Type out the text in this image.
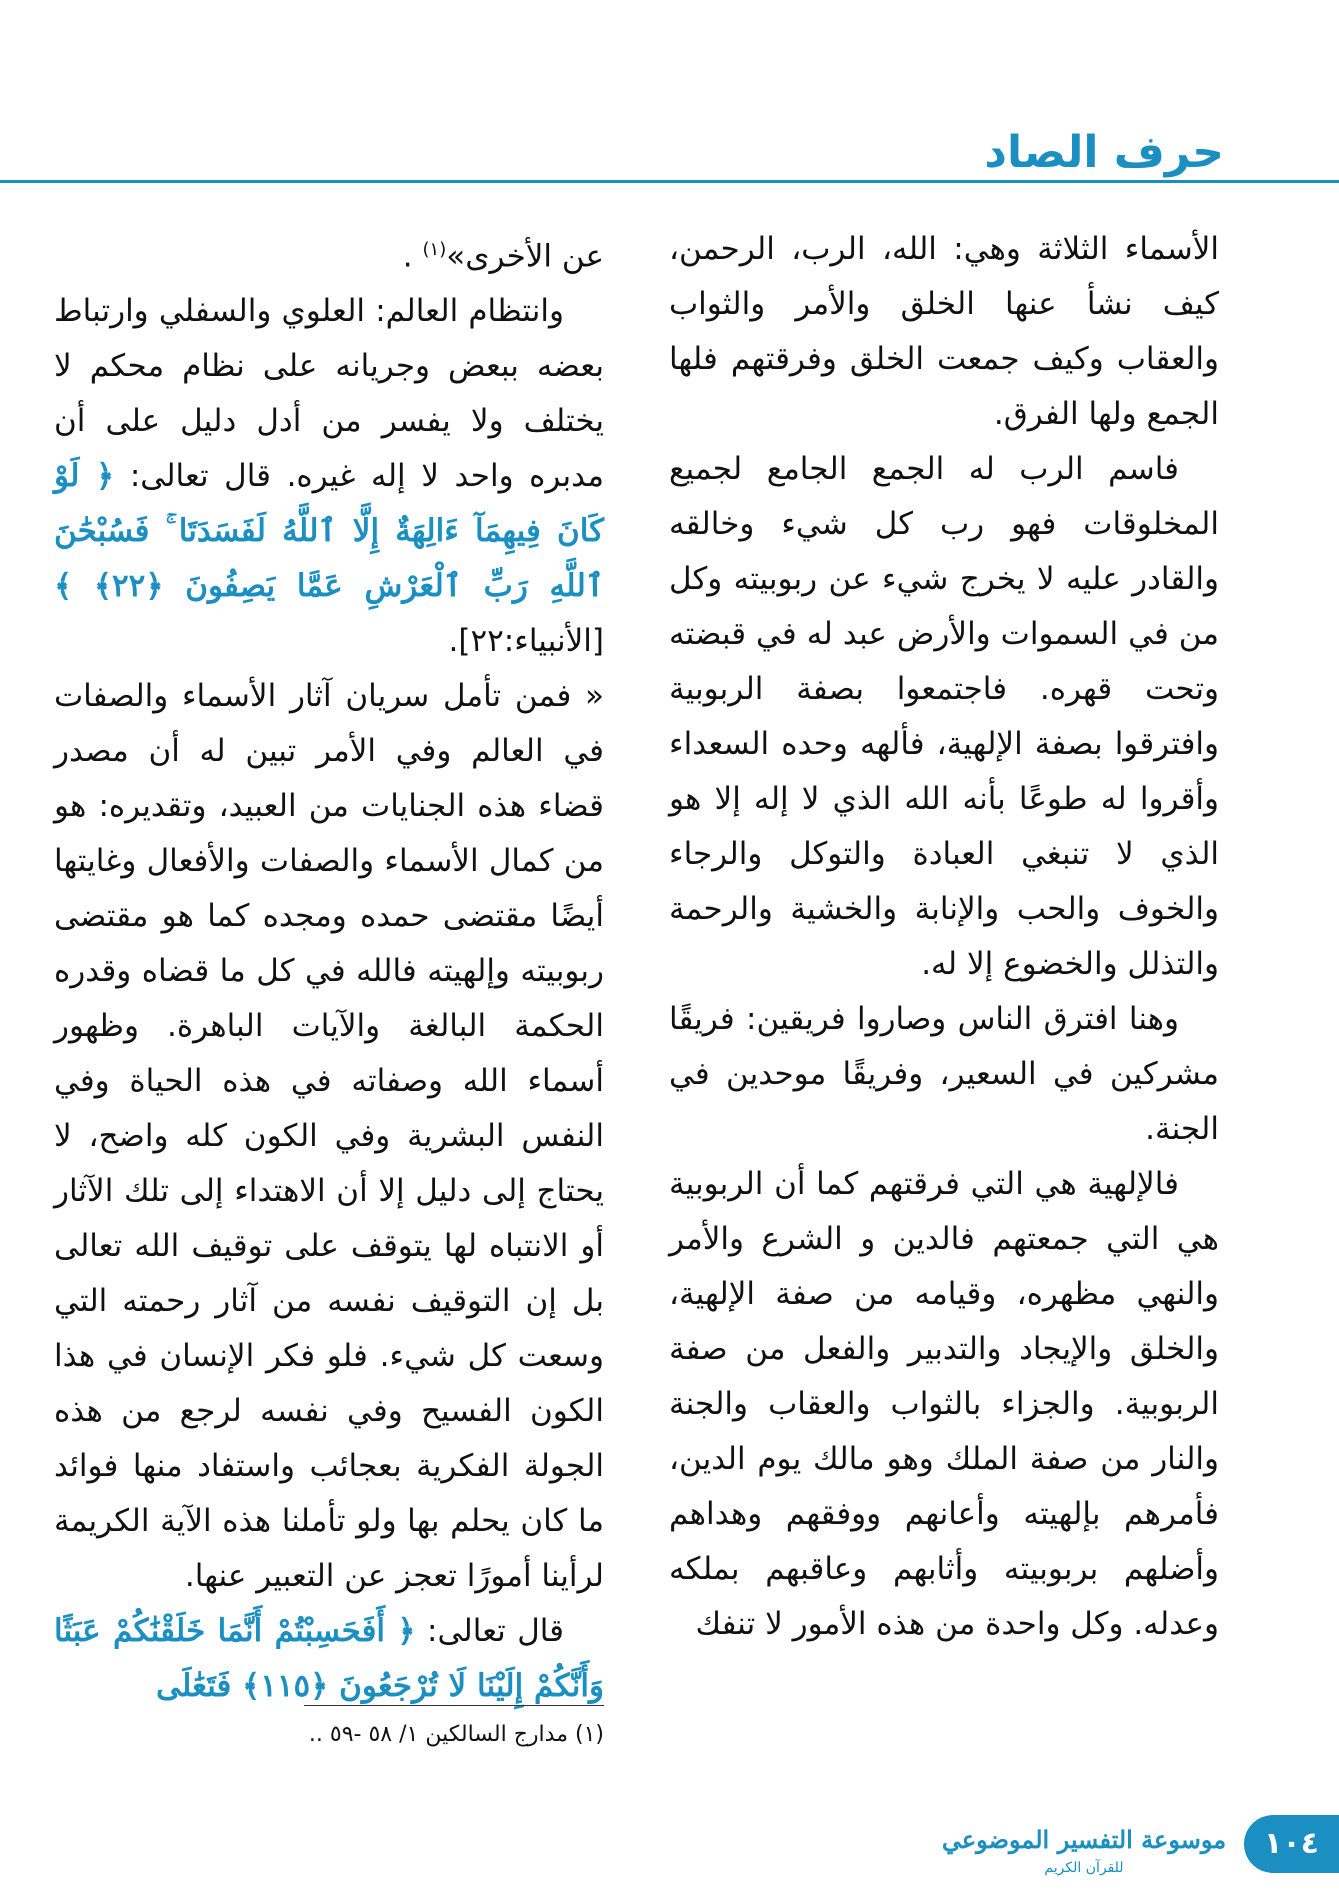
حرف الصاد

الأسماء الثلاثة وهي: الله، الرب، الرحمن، كيف نشأ عنها الخلق والأمر والثواب والعقاب وكيف جمعت الخلق وفرقتهم فلها الجمع ولها الفرق.

فاسم الرب له الجمع الجامع لجميع المخلوقات فهو رب كل شيء وخالقه والقادر عليه لا يخرج شيء عن ربوبيته وكل من في السموات والأرض عبد له في قبضته وتحت قهره. فاجتمعوا بصفة الربوبية وافترقوا بصفة الإلهية، فألهه وحده السعداء وأقروا له طوعًا بأنه الله الذي لا إله إلا هو الذي لا تنبغي العبادة والتوكل والرجاء والخوف والحب والإنابة والخشية والرحمة والتذلل والخضوع إلا له.

وهنا افترق الناس وصاروا فريقين: فريقًا مشركين في السعير، وفريقًا موحدين في الجنة.

فالإلهية هي التي فرقتهم كما أن الربوبية هي التي جمعتهم فالدين و الشرع والأمر والنهي مظهره، وقيامه من صفة الإلهية، والخلق والإيجاد والتدبير والفعل من صفة الربوبية. والجزاء بالثواب والعقاب والجنة والنار من صفة الملك وهو مالك يوم الدين، فأمرهم بإلهيته وأعانهم ووفقهم وهداهم وأضلهم بربوبيته وأثابهم وعاقبهم بملكه وعدله. وكل واحدة من هذه الأمور لا تنفك

عن الأخرى»$^{(١)}$ .

وانتظام العالم: العلوي والسفلي وارتباط بعضه ببعض وجريانه على نظام محكم لا يختلف ولا يفسر من أدل دليل على أن مدبره واحد لا إله غيره. قال تعالى: ﴿ لَوْ كَانَ فِيهِمَآ ءَالِهَةٌ إِلَّا ٱللَّهُ لَفَسَدَتَا ۚ فَسُبْحَٰنَ ٱللَّهِ رَبِّ ٱلْعَرْشِ عَمَّا يَصِفُونَ ﴿٢٢﴾ ﴾ [الأنبياء:٢٢].

« فمن تأمل سريان آثار الأسماء والصفات في العالم وفي الأمر تبين له أن مصدر قضاء هذه الجنايات من العبيد، وتقديره: هو من كمال الأسماء والصفات والأفعال وغايتها أيضًا مقتضى حمده ومجده كما هو مقتضى ربوبيته وإلهيته فالله في كل ما قضاه وقدره الحكمة البالغة والآيات الباهرة. وظهور أسماء الله وصفاته في هذه الحياة وفي النفس البشرية وفي الكون كله واضح، لا يحتاج إلى دليل إلا أن الاهتداء إلى تلك الآثار أو الانتباه لها يتوقف على توقيف الله تعالى بل إن التوقيف نفسه من آثار رحمته التي وسعت كل شيء. فلو فكر الإنسان في هذا الكون الفسيح وفي نفسه لرجع من هذه الجولة الفكرية بعجائب واستفاد منها فوائد ما كان يحلم بها ولو تأملنا هذه الآية الكريمة لرأينا أمورًا تعجز عن التعبير عنها.

قال تعالى: ﴿ أَفَحَسِبْتُمْ أَنَّمَا خَلَقْنَٰكُمْ عَبَثًا وَأَنَّكُمْ إِلَيْنَا لَا تُرْجَعُونَ ﴿١١٥﴾ فَتَعَٰلَى

(١) مدارج السالكين ١/ ٥٨ -٥٩ ..
موسوعة التفسير الموضوعي
للقرآن الكريم
١٠٤
